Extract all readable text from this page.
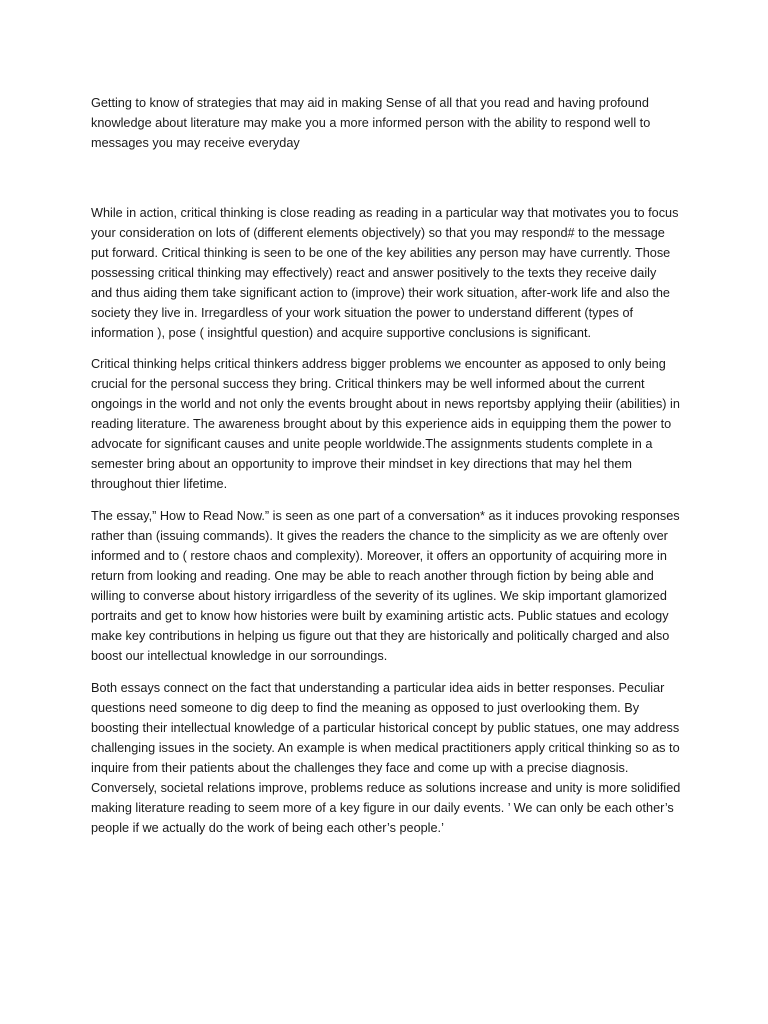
Getting to know of strategies that may aid in making Sense of all that you read and having profound knowledge about literature may make you a more informed person with the ability to respond well to messages you may receive everyday

While in action, critical thinking is close reading as reading in a particular way that motivates you to focus your consideration on lots of (different elements objectively) so that you may respond# to the message put forward. Critical thinking is seen to be one of the key abilities any person may have currently. Those possessing critical thinking may effectively) react and answer positively to the texts they receive daily and thus aiding them take significant action to (improve) their work situation, after-work life and also the society they live in. Irregardless of your work situation the power to understand different (types of information ), pose ( insightful question) and acquire supportive conclusions is significant.

Critical thinking helps critical thinkers address bigger problems we encounter as apposed to only being crucial for the personal success they bring. Critical thinkers may be well informed about the current ongoings in the world and not only the events brought about in news reportsby applying theiir (abilities) in reading literature. The awareness brought about by this experience aids in equipping them the power to advocate for significant causes and unite people worldwide.The assignments students complete in a semester bring about an opportunity to improve their mindset in key directions that may hel them throughout thier lifetime.

The essay,” How to Read Now.” is seen as one part of a conversation* as it induces provoking responses rather than (issuing commands). It gives the readers the chance to the simplicity as we are oftenly over informed and to ( restore chaos and complexity). Moreover, it offers an opportunity of acquiring more in return from looking and reading. One may be able to reach another through fiction by being able and willing to converse about history irrigardless of the severity of its uglines. We skip important glamorized portraits and get to know how histories were built by examining artistic acts. Public statues and ecology make key contributions in helping us figure out that they are historically and politically charged and also boost our intellectual knowledge in our sorroundings.

Both essays connect on the fact that understanding a particular idea aids in better responses. Peculiar questions need someone to dig deep to find the meaning as opposed to just overlooking them. By boosting their intellectual knowledge of a particular historical concept by public statues, one may address challenging issues in the society. An example is when medical practitioners apply critical thinking so as to inquire from their patients about the challenges they face and come up with a precise diagnosis. Conversely, societal relations improve, problems reduce as solutions increase and unity is more solidified making literature reading to seem more of a key figure in our daily events. ’ We can only be each other’s people if we actually do the work of being each other’s people.’
